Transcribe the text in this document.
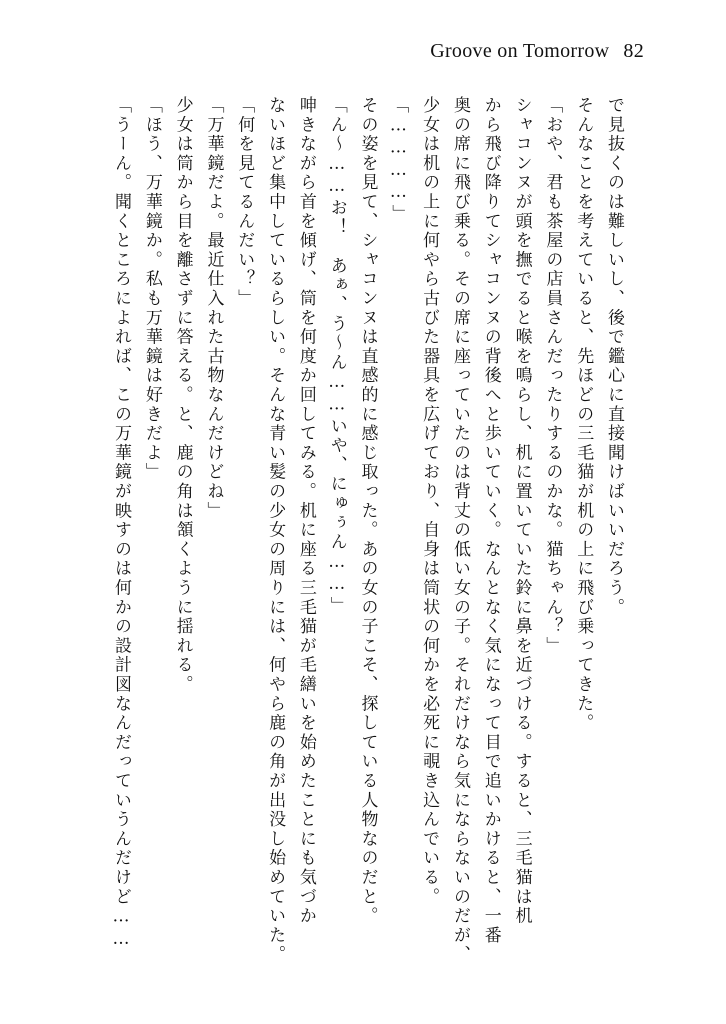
Groove on Tomorrow 82
で見抜くのは難しいし、後で鑑心に直接聞けばいいだろう。
そんなことを考えていると、先ほどの三毛猫が机の上に飛び乗ってきた。
「おや、君も茶屋の店員さんだったりするのかな。猫ちゃん？」
シャコンヌが頭を撫でると喉を鳴らし、机に置いていた鈴に鼻を近づける。すると、三毛猫は机
から飛び降りてシャコンヌの背後へと歩いていく。なんとなく気になって目で追いかけると、一番
奥の席に飛び乗る。その席に座っていたのは背丈の低い女の子。それだけなら気にならないのだが、
少女は机の上に何やら古びた器具を広げており、自身は筒状の何かを必死に覗き込んでいる。
「…………」
その姿を見て、シャコンヌは直感的に感じ取った。あの女の子こそ、探している人物なのだと。
「ん〜……お！　あぁ、う〜ん……いや、にゅぅん……」
呻きながら首を傾げ、筒を何度か回してみる。机に座る三毛猫が毛繕いを始めたことにも気づか
ないほど集中しているらしい。そんな青い髪の少女の周りには、何やら鹿の角が出没し始めていた。
「何を見てるんだい？」
「万華鏡だよ。最近仕入れた古物なんだけどね」
少女は筒から目を離さずに答える。と、鹿の角は頷くように揺れる。
「ほう、万華鏡か。私も万華鏡は好きだよ」
「うーん。聞くところによれば、この万華鏡が映すのは何かの設計図なんだっていうんだけど……
